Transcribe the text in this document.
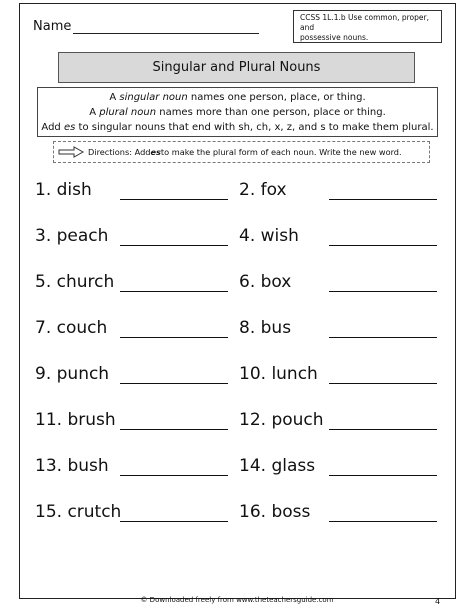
Name
CCSS 1L.1.b Use common, proper, and
possessive nouns.
Singular and Plural Nouns
A singular noun names one person, place, or thing.
A plural noun names more than one person, place or thing.
Add es to singular nouns that end with sh, ch, x, z, and s to make them plural.
Directions: Add es to make the plural form of each noun. Write the new word.
1. dish	2. fox
3. peach	4. wish
5. church	6. box
7. couch	8. bus
9. punch	10. lunch
11. brush	12. pouch
13. bush	14. glass
15. crutch	16. boss
© Downloaded freely from www.theteachersguide.com	4
